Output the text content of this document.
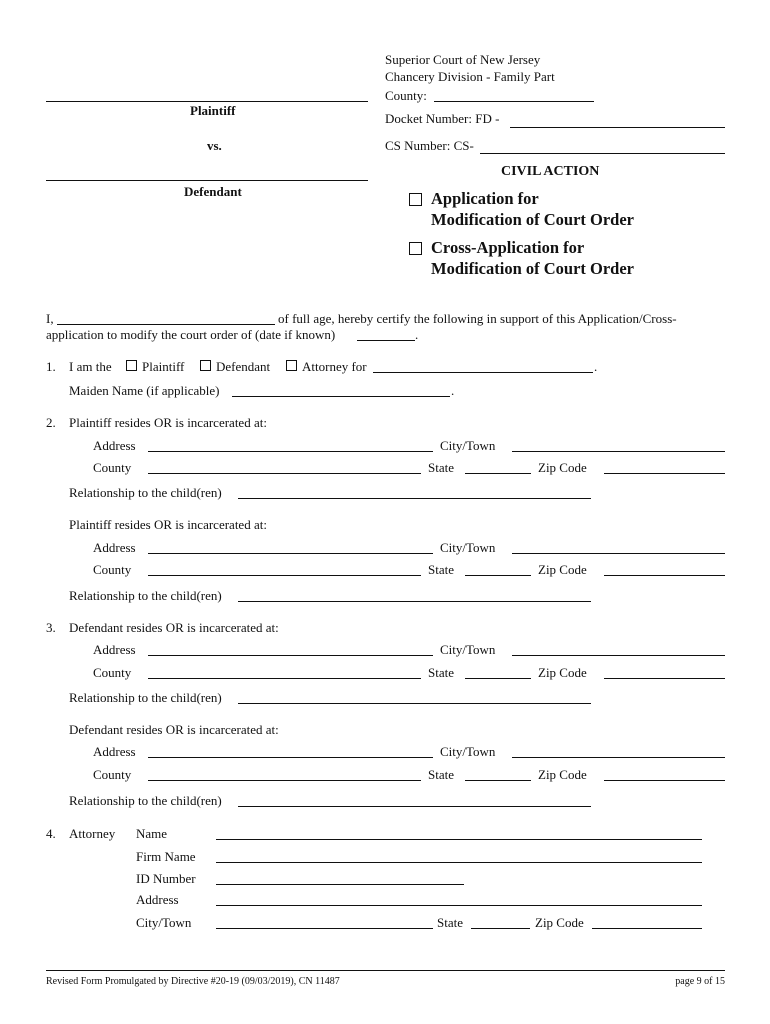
Plaintiff
vs.
Defendant
Superior Court of New Jersey
Chancery Division - Family Part
County:
Docket Number: FD -
CS Number: CS-
CIVIL ACTION
Application for
Modification of Court Order
Cross-Application for
Modification of Court Order
I,	of full age, hereby certify the following in support of this Application/Cross-
application to modify the court order of (date if known)	.
1. I am the Plaintiff Defendant Attorney for	.
Maiden Name (if applicable)	.
2. Plaintiff resides OR is incarcerated at:
Address	City/Town
County	State	Zip Code
Relationship to the child(ren)
Plaintiff resides OR is incarcerated at:
Address	City/Town
County	State	Zip Code
Relationship to the child(ren)
3. Defendant resides OR is incarcerated at:
Address	City/Town
County	State	Zip Code
Relationship to the child(ren)
Defendant resides OR is incarcerated at:
Address	City/Town
County	State	Zip Code
Relationship to the child(ren)
4. Attorney Name
Firm Name
ID Number
Address
City/Town	State	Zip Code
Revised Form Promulgated by Directive #20-19 (09/03/2019), CN 11487	page 9 of 15
